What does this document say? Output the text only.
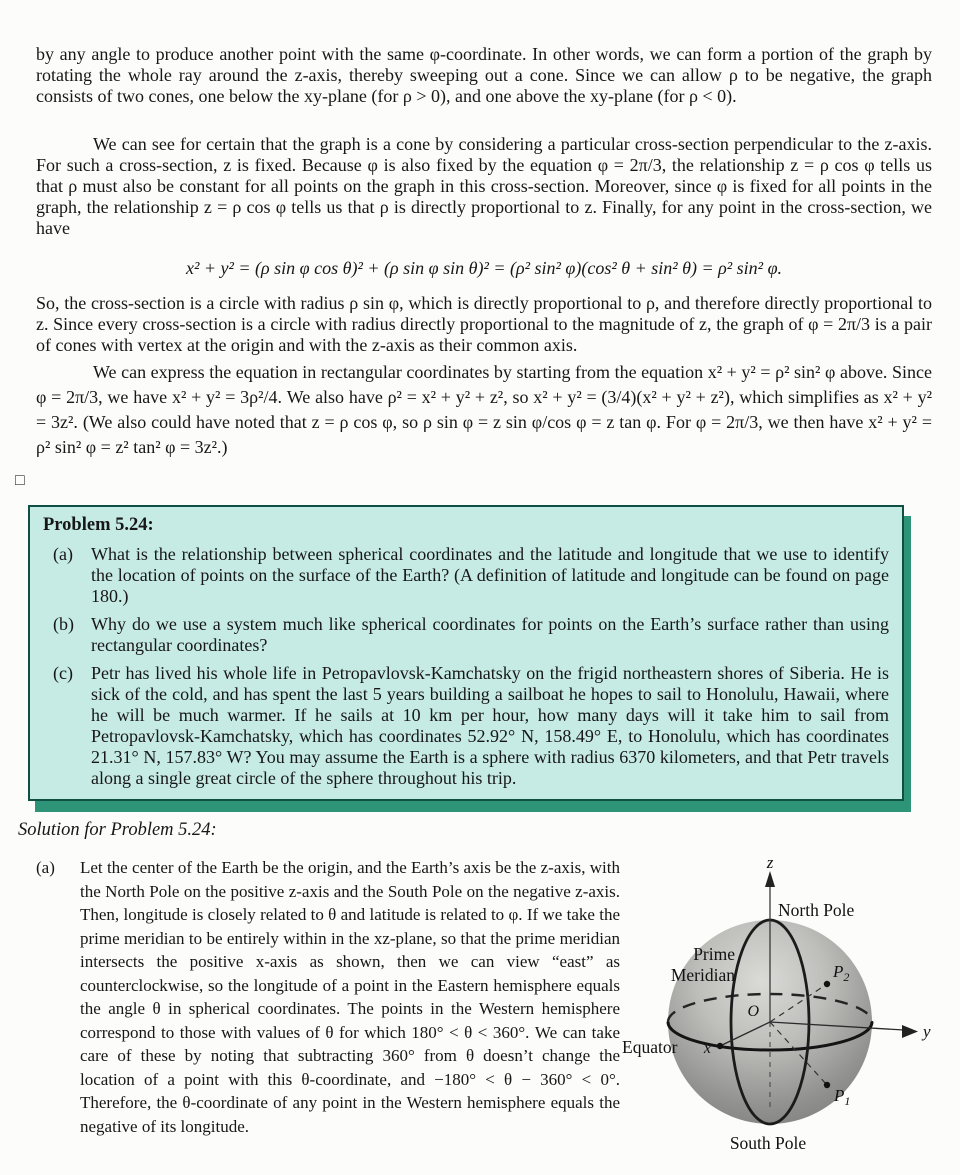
by any angle to produce another point with the same φ-coordinate. In other words, we can form a portion of the graph by rotating the whole ray around the z-axis, thereby sweeping out a cone. Since we can allow ρ to be negative, the graph consists of two cones, one below the xy-plane (for ρ > 0), and one above the xy-plane (for ρ < 0).

We can see for certain that the graph is a cone by considering a particular cross-section perpendicular to the z-axis. For such a cross-section, z is fixed. Because φ is also fixed by the equation φ = 2π/3, the relationship z = ρ cos φ tells us that ρ must also be constant for all points on the graph in this cross-section. Moreover, since φ is fixed for all points in the graph, the relationship z = ρ cos φ tells us that ρ is directly proportional to z. Finally, for any point in the cross-section, we have

x² + y² = (ρ sin φ cos θ)² + (ρ sin φ sin θ)² = (ρ² sin² φ)(cos² θ + sin² θ) = ρ² sin² φ.

So, the cross-section is a circle with radius ρ sin φ, which is directly proportional to ρ, and therefore directly proportional to z. Since every cross-section is a circle with radius directly proportional to the magnitude of z, the graph of φ = 2π/3 is a pair of cones with vertex at the origin and with the z-axis as their common axis.

We can express the equation in rectangular coordinates by starting from the equation x² + y² = ρ² sin² φ above. Since φ = 2π/3, we have x² + y² = 3ρ²/4. We also have ρ² = x² + y² + z², so x² + y² = (3/4)(x² + y² + z²), which simplifies as x² + y² = 3z². (We also could have noted that z = ρ cos φ, so ρ sin φ = z sin φ/cos φ = z tan φ. For φ = 2π/3, we then have x² + y² = ρ² sin² φ = z² tan² φ = 3z².)

□
Problem 5.24:
(a) What is the relationship between spherical coordinates and the latitude and longitude that we use to identify the location of points on the surface of the Earth? (A definition of latitude and longitude can be found on page 180.)
(b) Why do we use a system much like spherical coordinates for points on the Earth’s surface rather than using rectangular coordinates?
(c) Petr has lived his whole life in Petropavlovsk-Kamchatsky on the frigid northeastern shores of Siberia. He is sick of the cold, and has spent the last 5 years building a sailboat he hopes to sail to Honolulu, Hawaii, where he will be much warmer. If he sails at 10 km per hour, how many days will it take him to sail from Petropavlovsk-Kamchatsky, which has coordinates 52.92° N, 158.49° E, to Honolulu, which has coordinates 21.31° N, 157.83° W? You may assume the Earth is a sphere with radius 6370 kilometers, and that Petr travels along a single great circle of the sphere throughout his trip.
Solution for Problem 5.24:
(a) Let the center of the Earth be the origin, and the Earth’s axis be the z-axis, with the North Pole on the positive z-axis and the South Pole on the negative z-axis. Then, longitude is closely related to θ and latitude is related to φ. If we take the prime meridian to be entirely within in the xz-plane, so that the prime meridian intersects the positive x-axis as shown, then we can view “east” as counterclockwise, so the longitude of a point in the Eastern hemisphere equals the angle θ in spherical coordinates. The points in the Western hemisphere correspond to those with values of θ for which 180° < θ < 360°. We can take care of these by noting that subtracting 360° from θ doesn’t change the location of a point with this θ-coordinate, and −180° < θ − 360° < 0°. Therefore, the θ-coordinate of any point in the Western hemisphere equals the negative of its longitude.
z
North Pole
Prime
Meridian	$P_2$
O
y
Equator x
$P_1$
South Pole
